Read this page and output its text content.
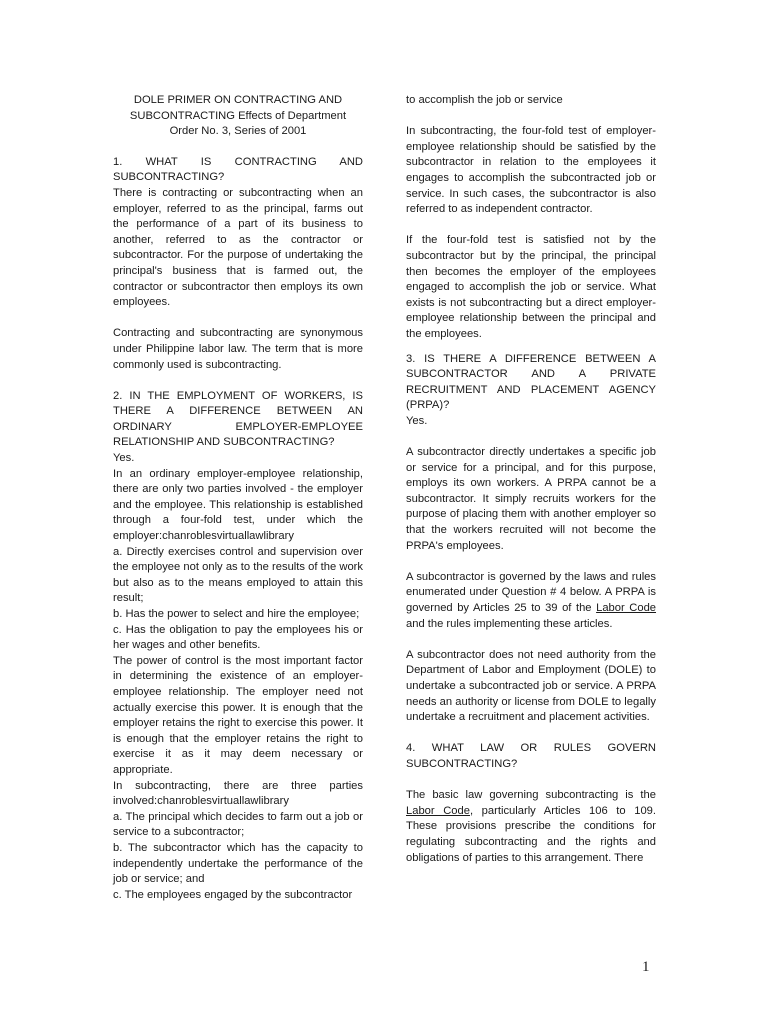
DOLE PRIMER ON CONTRACTING AND
SUBCONTRACTING Effects of Department
Order No. 3, Series of 2001

1. WHAT IS CONTRACTING AND SUBCONTRACTING?

There is contracting or subcontracting when an employer, referred to as the principal, farms out the performance of a part of its business to another, referred to as the contractor or subcontractor. For the purpose of undertaking the principal's business that is farmed out, the contractor or subcontractor then employs its own employees.

Contracting and subcontracting are synonymous under Philippine labor law. The term that is more commonly used is subcontracting.

2. IN THE EMPLOYMENT OF WORKERS, IS THERE A DIFFERENCE BETWEEN AN ORDINARY EMPLOYER-EMPLOYEE RELATIONSHIP AND SUBCONTRACTING?

Yes.

In an ordinary employer-employee relationship, there are only two parties involved - the employer and the employee. This relationship is established through a four-fold test, under which the employer:chanroblesvirtuallawlibrary

a. Directly exercises control and supervision over the employee not only as to the results of the work but also as to the means employed to attain this result;

b. Has the power to select and hire the employee;

c. Has the obligation to pay the employees his or her wages and other benefits.

The power of control is the most important factor in determining the existence of an employer-employee relationship. The employer need not actually exercise this power. It is enough that the employer retains the right to exercise this power. It is enough that the employer retains the right to exercise it as it may deem necessary or appropriate.

In subcontracting, there are three parties involved:chanroblesvirtuallawlibrary

a. The principal which decides to farm out a job or service to a subcontractor;

b. The subcontractor which has the capacity to independently undertake the performance of the job or service; and

c. The employees engaged by the subcontractor

to accomplish the job or service

In subcontracting, the four-fold test of employer-employee relationship should be satisfied by the subcontractor in relation to the employees it engages to accomplish the subcontracted job or service. In such cases, the subcontractor is also referred to as independent contractor.

If the four-fold test is satisfied not by the subcontractor but by the principal, the principal then becomes the employer of the employees engaged to accomplish the job or service. What exists is not subcontracting but a direct employer-employee relationship between the principal and the employees.

3. IS THERE A DIFFERENCE BETWEEN A SUBCONTRACTOR AND A PRIVATE RECRUITMENT AND PLACEMENT AGENCY (PRPA)?

Yes.

A subcontractor directly undertakes a specific job or service for a principal, and for this purpose, employs its own workers. A PRPA cannot be a subcontractor. It simply recruits workers for the purpose of placing them with another employer so that the workers recruited will not become the PRPA's employees.

A subcontractor is governed by the laws and rules enumerated under Question # 4 below. A PRPA is governed by Articles 25 to 39 of the Labor Code and the rules implementing these articles.

A subcontractor does not need authority from the Department of Labor and Employment (DOLE) to undertake a subcontracted job or service. A PRPA needs an authority or license from DOLE to legally undertake a recruitment and placement activities.

4. WHAT LAW OR RULES GOVERN SUBCONTRACTING?

The basic law governing subcontracting is the Labor Code, particularly Articles 106 to 109. These provisions prescribe the conditions for regulating subcontracting and the rights and obligations of parties to this arrangement. There

1
